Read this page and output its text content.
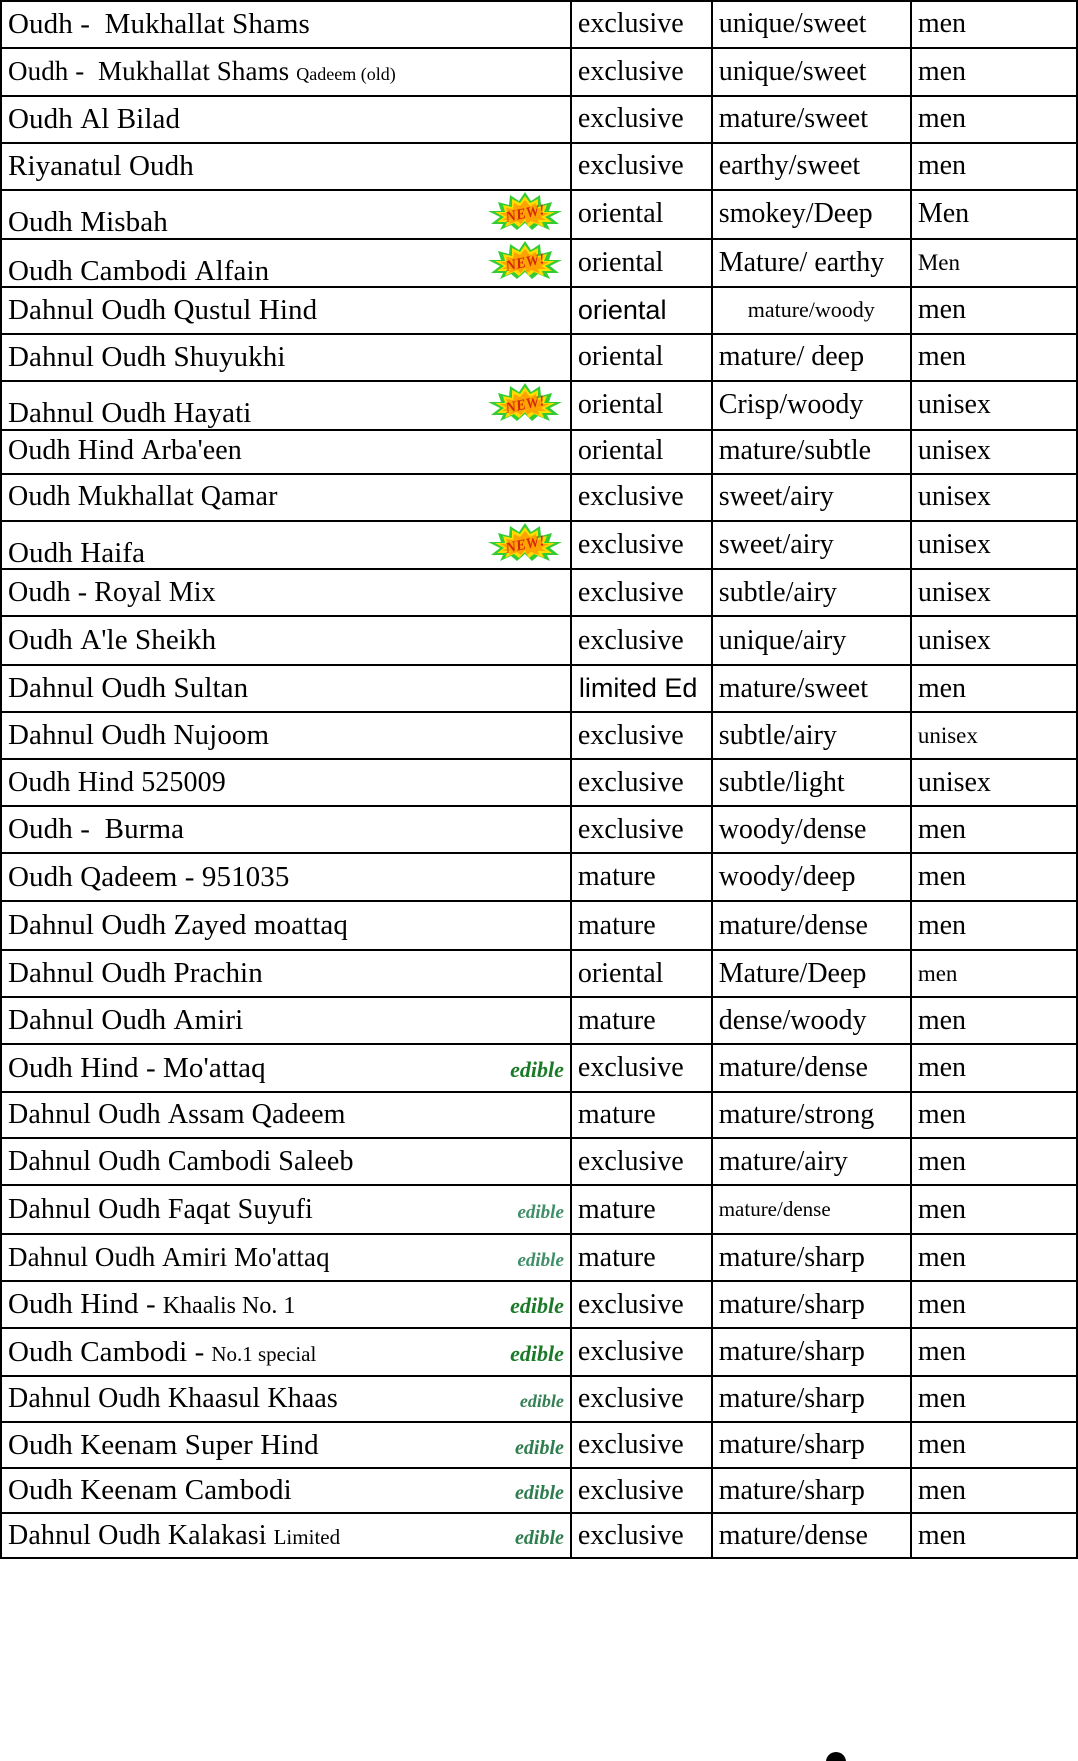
Oudh -  Mukhallat Shams	exclusive	unique/sweet	men

Oudh -  Mukhallat Shams Qadeem (old)	exclusive	unique/sweet	men

Oudh Al Bilad	exclusive	mature/sweet	men

Riyanatul Oudh	exclusive	earthy/sweet	men

Oudh Misbah NEW!	oriental	smokey/Deep	Men

Oudh Cambodi Alfain NEW!	oriental	Mature/ earthy	Men

Dahnul Oudh Qustul Hind	oriental	mature/woody	men

Dahnul Oudh Shuyukhi	oriental	mature/ deep	men

Dahnul Oudh Hayati NEW!	oriental	Crisp/woody	unisex

Oudh Hind Arba'een	oriental	mature/subtle	unisex

Oudh Mukhallat Qamar	exclusive	sweet/airy	unisex

Oudh Haifa NEW!	exclusive	sweet/airy	unisex

Oudh - Royal Mix	exclusive	subtle/airy	unisex

Oudh A'le Sheikh	exclusive	unique/airy	unisex

Dahnul Oudh Sultan	limited Ed	mature/sweet	men

Dahnul Oudh Nujoom	exclusive	subtle/airy	unisex

Oudh Hind 525009	exclusive	subtle/light	unisex

Oudh -  Burma	exclusive	woody/dense	men

Oudh Qadeem - 951035	mature	woody/deep	men

Dahnul Oudh Zayed moattaq	mature	mature/dense	men

Dahnul Oudh Prachin	oriental	Mature/Deep	men

Dahnul Oudh Amiri	mature	dense/woody	men

Oudh Hind - Mo'attaq edible	exclusive	mature/dense	men

Dahnul Oudh Assam Qadeem	mature	mature/strong	men

Dahnul Oudh Cambodi Saleeb	exclusive	mature/airy	men

Dahnul Oudh Faqat Suyufi edible	mature	mature/dense	men

Dahnul Oudh Amiri Mo'attaq edible	mature	mature/sharp	men

Oudh Hind - Khaalis No. 1 edible	exclusive	mature/sharp	men

Oudh Cambodi - No.1 special edible	exclusive	mature/sharp	men

Dahnul Oudh Khaasul Khaas edible	exclusive	mature/sharp	men

Oudh Keenam Super Hind edible	exclusive	mature/sharp	men

Oudh Keenam Cambodi edible	exclusive	mature/sharp	men

Dahnul Oudh Kalakasi Limited edible	exclusive	mature/dense	men
